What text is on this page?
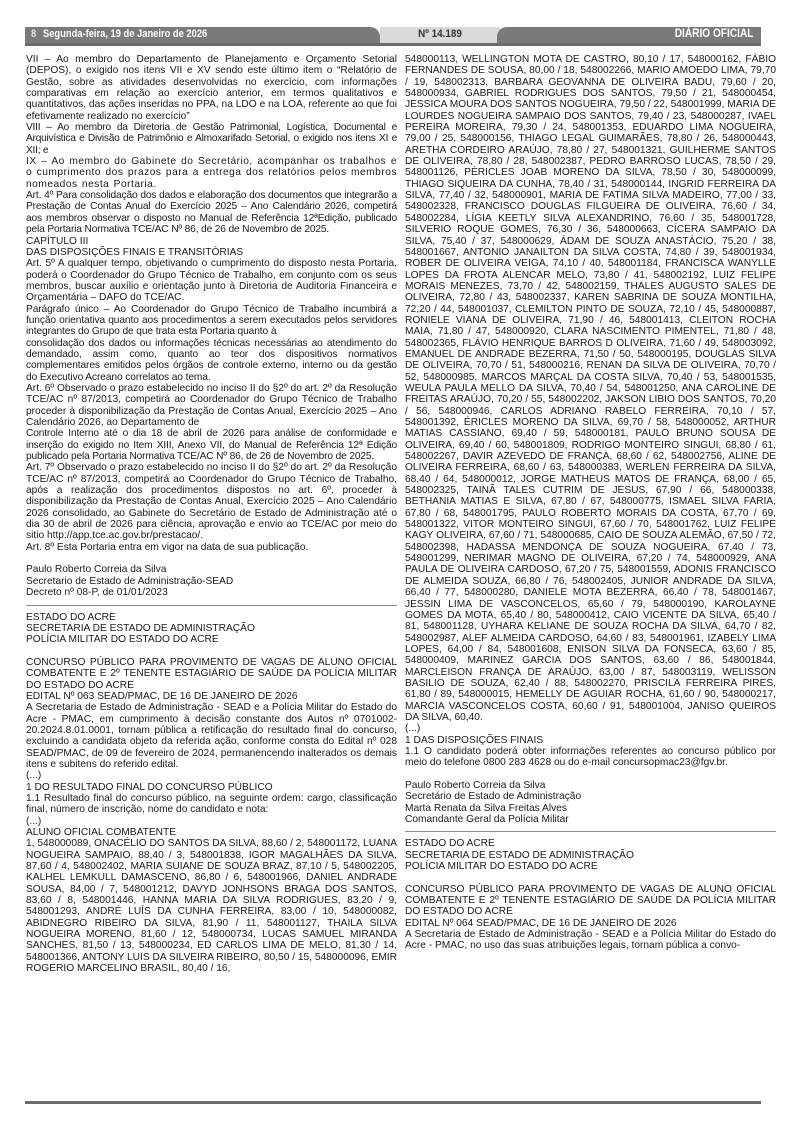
8 Segunda-feira, 19 de Janeiro de 2026	Nº 14.189	DIÁRIO OFICIAL

VII – Ao membro do Departamento de Planejamento e Orçamento Setorial (DEPOS), o exigido nos itens VII e XV sendo este último item o “Relatório de Gestão, sobre as atividades desenvolvidas no exercício, com informações comparativas em relação ao exercício anterior, em termos qualitativos e quantitativos, das ações inseridas no PPA, na LDO e na LOA, referente ao que foi efetivamente realizado no exercício”

VIII – Ao membro da Diretoria de Gestão Patrimonial, Logística, Documental e Arquivística e Divisão de Patrimônio e Almoxarifado Setorial, o exigido nos itens XI e XII; e

IX – Ao membro do Gabinete do Secretário, acompanhar os trabalhos e o cumprimento dos prazos para a entrega dos relatórios pelos membros nomeados nesta Portaria.

Art. 4º Para consolidação dos dados e elaboração dos documentos que integrarão a Prestação de Contas Anual do Exercício 2025 – Ano Calendário 2026, competirá aos membros observar o disposto no Manual de Referência 12ªEdição, publicado pela Portaria Normativa TCE/AC Nº 86, de 26 de Novembro de 2025.

CAPÍTULO III

DAS DISPOSIÇÕES FINAIS E TRANSITÓRIAS

Art. 5º A qualquer tempo, objetivando o cumprimento do disposto nesta Portaria, poderá o Coordenador do Grupo Técnico de Trabalho, em conjunto com os seus membros, buscar auxílio e orientação junto à Diretoria de Auditoria Financeira e Orçamentária – DAFO do TCE/AC.

Parágrafo único – Ao Coordenador do Grupo Técnico de Trabalho incumbirá a função orientativa quanto aos procedimentos a serem executados pelos servidores integrantes do Grupo de que trata esta Portaria quanto à

consolidação dos dados ou informações técnicas necessárias ao atendimento do demandado, assim como, quanto ao teor dos dispositivos normativos complementares emitidos pelos órgãos de controle externo, interno ou da gestão do Executivo Acreano correlatos ao tema.

Art. 6º Observado o prazo estabelecido no inciso II do §2º do art. 2º da Resolução TCE/AC nº 87/2013, competirá ao Coordenador do Grupo Técnico de Trabalho proceder à disponibilização da Prestação de Contas Anual, Exercício 2025 – Ano Calendário 2026, ao Departamento de

Controle Interno até o dia 18 de abril de 2026 para análise de conformidade e inserção do exigido no Item XIII, Anexo VII, do Manual de Referência 12ª Edição publicado pela Portaria Normativa TCE/AC Nº 86, de 26 de Novembro de 2025.

Art. 7º Observado o prazo estabelecido no inciso II do §2º do art. 2º da Resolução TCE/AC nº 87/2013, competirá ao Coordenador do Grupo Técnico de Trabalho, após a realização dos procedimentos dispostos no art. 6º, proceder à disponibilização da Prestação de Contas Anual, Exercício 2025 – Ano Calendário 2026 consolidado, ao Gabinete do Secretário de Estado de Administração até o dia 30 de abril de 2026 para ciência, aprovação e envio ao TCE/AC por meio do sitio http://app.tce.ac.gov.br/prestacao/.

Art. 8º Esta Portaria entra em vigor na data de sua publicação.

Paulo Roberto Correia da Silva

Secretario de Estado de Administração-SEAD

Decreto nº 08-P, de 01/01/2023

ESTADO DO ACRE

SECRETARIA DE ESTADO DE ADMINISTRAÇÃO

POLÍCIA MILITAR DO ESTADO DO ACRE

CONCURSO PÚBLICO PARA PROVIMENTO DE VAGAS DE ALUNO OFICIAL COMBATENTE E 2º TENENTE ESTAGIÁRIO DE SAÚDE DA POLÍCIA MILITAR DO ESTADO DO ACRE

EDITAL Nº 063 SEAD/PMAC, DE 16 DE JANEIRO DE 2026

A Secretaria de Estado de Administração - SEAD e a Polícia Militar do Estado do Acre - PMAC, em cumprimento à decisão constante dos Autos nº 0701002-20.2024.8.01.0001, tornam pública a retificação do resultado final do concurso, excluindo a candidata objeto da referida ação, conforme consta do Edital nº 028 SEAD/PMAC, de 09 de fevereiro de 2024, permanencendo inalterados os demais itens e subitens do referido edital.

(...)

1 DO RESULTADO FINAL DO CONCURSO PÚBLICO

1.1 Resultado final do concurso público, na seguinte ordem: cargo, classificação final, número de inscrição, nome do candidato e nota:

(...)

ALUNO OFICIAL COMBATENTE

1, 548000089, ONACÉLIO DO SANTOS DA SILVA, 88,60 / 2, 548001172, LUANA NOGUEIRA SAMPAIO, 88,40 / 3, 548001838, IGOR MAGALHÃES DA SILVA, 87,60 / 4, 548002402, MARIA SUIANE DE SOUZA BRAZ, 87,10 / 5, 548002205, KALHEL LEMKULL DAMASCENO, 86,80 / 6, 548001966, DANIEL ANDRADE SOUSA, 84,00 / 7, 548001212, DAVYD JONHSONS BRAGA DOS SANTOS, 83,60 / 8, 548001446, HANNA MARIA DA SILVA RODRIGUES, 83,20 / 9, 548001293, ANDRÉ LUÍS DA CUNHA FERREIRA, 83,00 / 10, 548000082, ABIDNEGRO RIBEIRO DA SILVA, 81,90 / 11, 548001127, THAILA SILVA NOGUEIRA MORENO, 81,60 / 12, 548000734, LUCAS SAMUEL MIRANDA SANCHES, 81,50 / 13, 548000234, ED CARLOS LIMA DE MELO, 81,30 / 14, 548001366, ANTONY LUIS DA SILVEIRA RIBEIRO, 80,50 / 15, 548000096, EMIR ROGERIO MARCELINO BRASIL, 80,40 / 16,

548000113, WELLINGTON MOTA DE CASTRO, 80,10 / 17, 548000162, FÁBIO FERNANDES DE SOUSA, 80,00 / 18, 548002266, MARIO AMOEDO LIMA, 79,70 / 19, 548002313, BARBARA GEOVANNA DE OLIVEIRA BADU, 79,60 / 20, 548000934, GABRIEL RODRIGUES DOS SANTOS, 79,50 / 21, 548000454, JESSICA MOURA DOS SANTOS NOGUEIRA, 79,50 / 22, 548001999, MARIA DE LOURDES NOGUEIRA SAMPAIO DOS SANTOS, 79,40 / 23, 548000287, IVAEL PEREIRA MOREIRA, 79,30 / 24, 548001353, EDUARDO LIMA NOGUEIRA, 79,00 / 25, 548000156, THIAGO LEGAL GUIMARÃES, 78,80 / 26, 548000443, ARETHA CORDEIRO ARAÚJO, 78,80 / 27, 548001321, GUILHERME SANTOS DE OLIVEIRA, 78,80 / 28, 548002387, PEDRO BARROSO LUCAS, 78,50 / 29, 548001126, PÉRICLES JOAB MORENO DA SILVA, 78,50 / 30, 548000099, THIAGO SIQUEIRA DA CUNHA, 78,40 / 31, 548000144, INGRID FERREIRA DA SILVA, 77,40 / 32, 548000901, MARIA DE FATIMA SILVA MADEIRO, 77,00 / 33, 548002328, FRANCISCO DOUGLAS FILGUEIRA DE OLIVEIRA, 76,60 / 34, 548002284, LÍGIA KEETLY SILVA ALEXANDRINO, 76,60 / 35, 548001728, SILVERIO ROQUE GOMES, 76,30 / 36, 548000663, CÍCERA SAMPAIO DA SILVA, 75,40 / 37, 548000629, ÁDAM DE SOUZA ANASTÁCIO, 75,20 / 38, 548001667, ANTONIO JANAILTON DA SILVA COSTA, 74,80 / 39, 548001934, ROBER DE OLIVEIRA VEIGA, 74,10 / 40, 548001184, FRANCISCA WANYLLE LOPES DA FROTA ALENCAR MELO, 73,80 / 41, 548002192, LUIZ FELIPE MORAIS MENEZES, 73,70 / 42, 548002159, THALES AUGUSTO SALES DE OLIVEIRA, 72,80 / 43, 548002337, KAREN SABRINA DE SOUZA MONTILHA, 72,20 / 44, 548001037, CLEMILTON PINTO DE SOUZA, 72,10 / 45, 548000887, RONIELE VIANA DE OLIVEIRA, 71,90 / 46, 548001413, CLEITON ROCHA MAIA, 71,80 / 47, 548000920, CLARA NASCIMENTO PIMENTEL, 71,80 / 48, 548002365, FLÁVIO HENRIQUE BARROS D OLIVEIRA, 71,60 / 49, 548003092, EMANUEL DE ANDRADE BEZERRA, 71,50 / 50, 548000195, DOUGLAS SILVA DE OLIVEIRA, 70,70 / 51, 548000216, RENAN DA SILVA DE OLIVEIRA, 70,70 / 52, 548000985, MARCOS MARÇAL DA COSTA SILVA, 70,40 / 53, 548001535, WEULA PAULA MELLO DA SILVA, 70,40 / 54, 548001250, ANA CAROLINE DE FREITAS ARAÚJO, 70,20 / 55, 548002202, JAKSON LIBIO DOS SANTOS, 70,20 / 56, 548000946, CARLOS ADRIANO RABELO FERREIRA, 70,10 / 57, 548001392, ÉRICLES MORENO DA SILVA, 69,70 / 58, 548000052, ARTHUR MATIAS CASSIANO, 69,40 / 59, 548000181, PAULO BRUNO SOUSA DE OLIVEIRA, 69,40 / 60, 548001809, RODRIGO MONTEIRO SINGUI, 68,80 / 61, 548002267, DAVIR AZEVEDO DE FRANÇA, 68,60 / 62, 548002756, ALINE DE OLIVEIRA FERREIRA, 68,60 / 63, 548000383, WERLEN FERREIRA DA SILVA, 68,40 / 64, 548000012, JORGE MATHEUS MATOS DE FRANÇA, 68,00 / 65, 548002325, TAINÃ TALES CUTRIM DE JESUS, 67,90 / 66, 548000338, BETHANIA MATIAS E SILVA, 67,80 / 67, 548000775, ISMAEL SILVA FARIA, 67,80 / 68, 548001795, PAULO ROBERTO MORAIS DA COSTA, 67,70 / 69, 548001322, VITOR MONTEIRO SINGUI, 67,60 / 70, 548001762, LUIZ FELIPE KAGY OLIVEIRA, 67,60 / 71, 548000685, CAIO DE SOUZA ALEMÃO, 67,50 / 72, 548002398, HADASSA MENDONÇA DE SOUZA NOGUEIRA, 67,40 / 73, 548001299, NERIMAR MAGNO DE OLIVEIRA, 67,20 / 74, 548000929, ANA PAULA DE OLIVEIRA CARDOSO, 67,20 / 75, 548001559, ADONIS FRANCISCO DE ALMEIDA SOUZA, 66,80 / 76, 548002405, JUNIOR ANDRADE DA SILVA, 66,40 / 77, 548000280, DANIELE MOTA BEZERRA, 66,40 / 78, 548001467, JESSIN LIMA DE VASCONCELOS, 65,60 / 79, 548000190, KAROLAYNE GOMES DA MOTA, 65,40 / 80, 548000412, CAIO VICENTE DA SILVA, 65,40 / 81, 548001128, UYHARA KELIANE DE SOUZA ROCHA DA SILVA, 64,70 / 82, 548002987, ALEF ALMEIDA CARDOSO, 64,60 / 83, 548001961, IZABELY LIMA LOPES, 64,00 / 84, 548001608, ENISON SILVA DA FONSECA, 63,60 / 85, 548000409, MARINEZ GARCIA DOS SANTOS, 63,60 / 86, 548001844, MARCLEISON FRANÇA DE ARAÚJO, 63,00 / 87, 548003119, WELISSON BASILIO DE SOUZA, 62,40 / 88, 548002270, PRISCILA FERREIRA PIRES, 61,80 / 89, 548000015, HEMELLY DE AGUIAR ROCHA, 61,60 / 90, 548000217, MARCIA VASCONCELOS COSTA, 60,60 / 91, 548001004, JANISO QUEIROS DA SILVA, 60,40.

(...)

1 DAS DISPOSIÇÕES FINAIS

1.1 O candidato poderá obter informações referentes ao concurso público por meio do telefone 0800 283 4628 ou do e-mail concursopmac23@fgv.br.

Paulo Roberto Correia da Silva

Secretário de Estado de Administração

Marta Renata da Silva Freitas Alves

Comandante Geral da Polícia Militar

ESTADO DO ACRE

SECRETARIA DE ESTADO DE ADMINISTRAÇÃO

POLÍCIA MILITAR DO ESTADO DO ACRE

CONCURSO PÚBLICO PARA PROVIMENTO DE VAGAS DE ALUNO OFICIAL COMBATENTE E 2º TENENTE ESTAGIÁRIO DE SAÚDE DA POLÍCIA MILITAR DO ESTADO DO ACRE

EDITAL Nº 064 SEAD/PMAC, DE 16 DE JANEIRO DE 2026

A Secretaria de Estado de Administração - SEAD e a Polícia Militar do Estado do Acre - PMAC, no uso das suas atribuições legais, tornam pública a convo-
